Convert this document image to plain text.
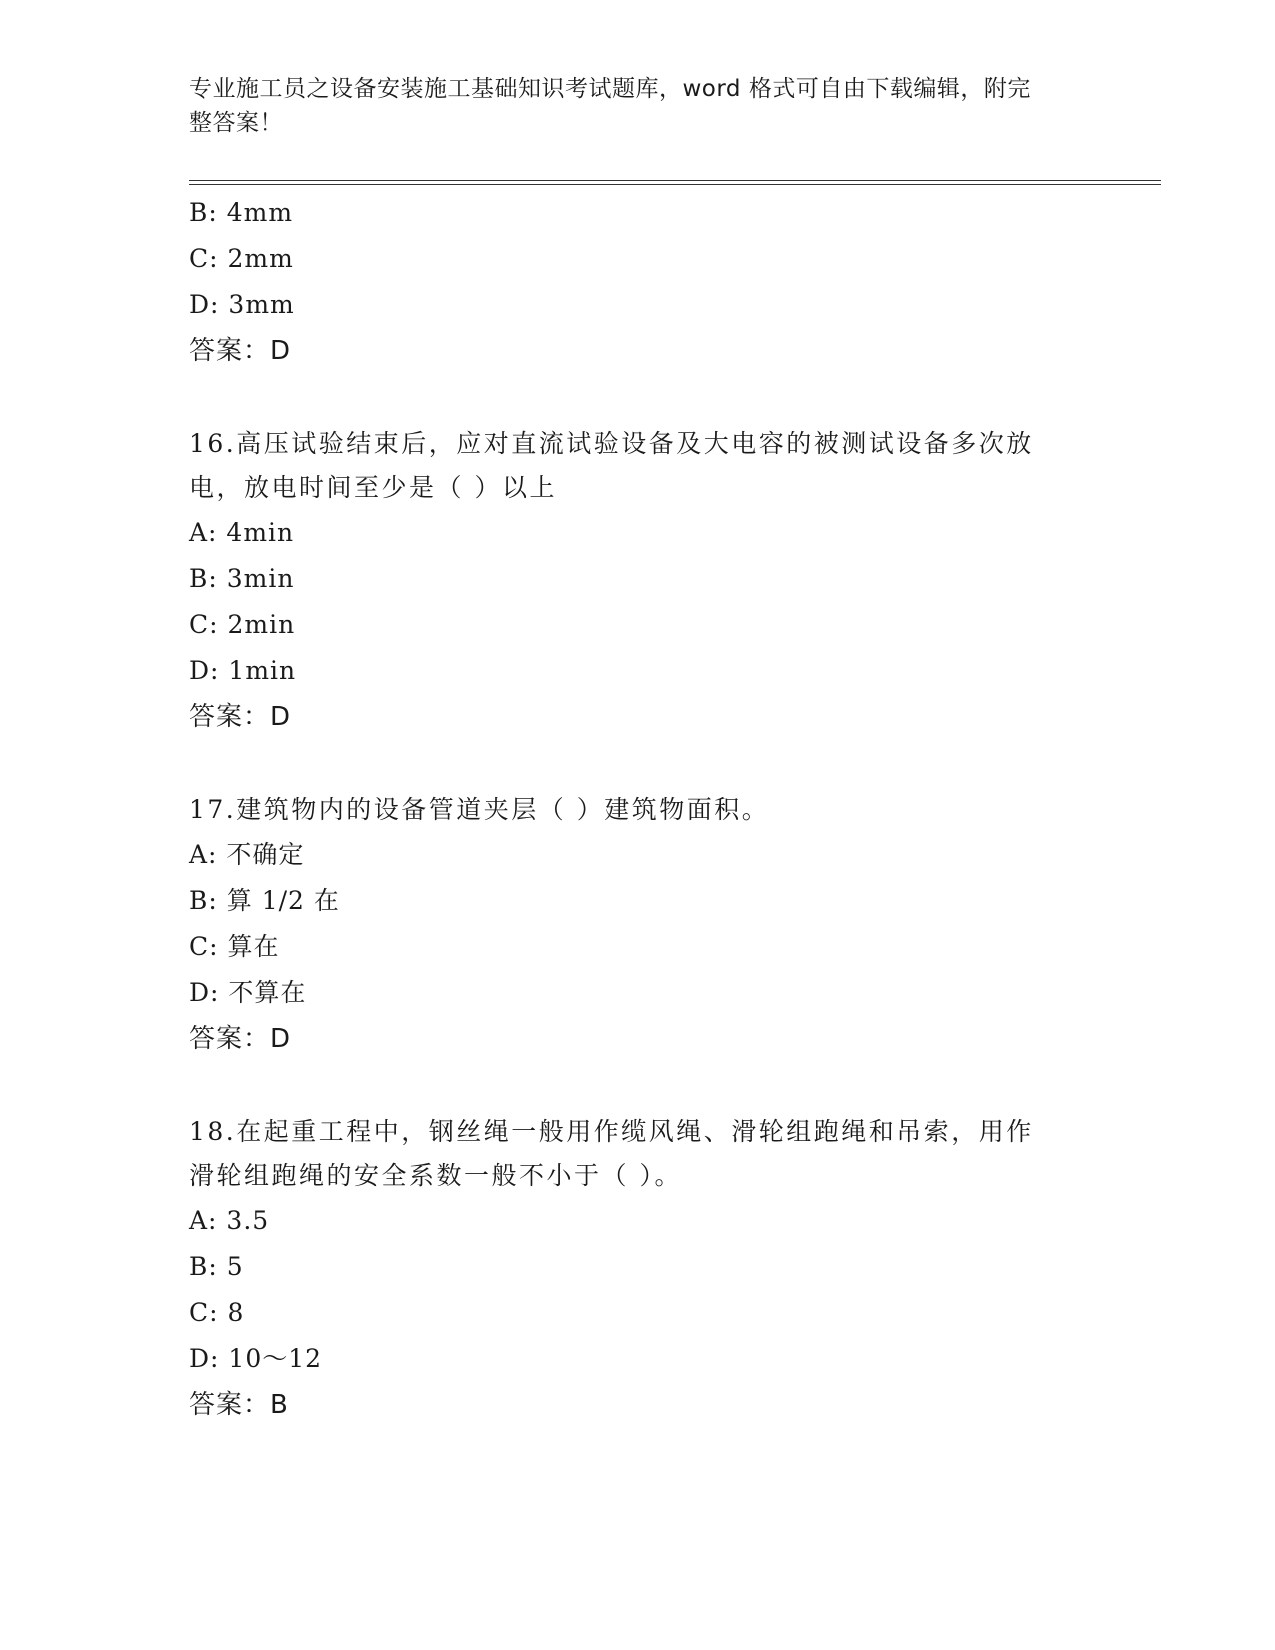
专业施工员之设备安装施工基础知识考试题库，word 格式可自由下载编辑，附完
整答案！
B: 4mm
C: 2mm
D: 3mm
答案：D
16.高压试验结束后，应对直流试验设备及大电容的被测试设备多次放
电，放电时间至少是（ ）以上
A: 4min
B: 3min
C: 2min
D: 1min
答案：D
17.建筑物内的设备管道夹层（ ）建筑物面积。
A: 不确定
B: 算 1/2 在
C: 算在
D: 不算在
答案：D
18.在起重工程中，钢丝绳一般用作缆风绳、滑轮组跑绳和吊索，用作
滑轮组跑绳的安全系数一般不小于（ ）。
A: 3.5
B: 5
C: 8
D: 10～12
答案：B
